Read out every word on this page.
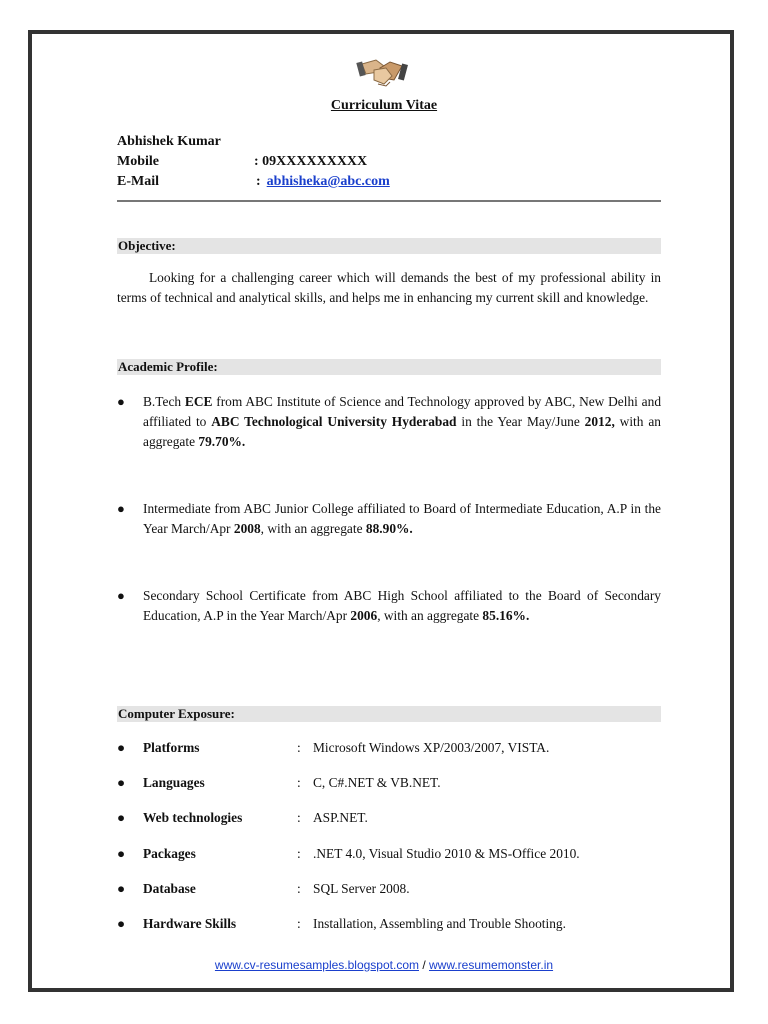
Curriculum Vitae
Abhishek Kumar
Mobile	: 09XXXXXXXXX
E-Mail	: abhisheka@abc.com
Objective:
Looking for a challenging career which will demands the best of my professional ability in terms of technical and analytical skills, and helps me in enhancing my current skill and knowledge.
Academic Profile:
●	B.Tech ECE from ABC Institute of Science and Technology approved by ABC, New Delhi and affiliated to ABC Technological University Hyderabad in the Year May/June 2012, with an aggregate 79.70%.
●	Intermediate from ABC Junior College affiliated to Board of Intermediate Education, A.P in the Year March/Apr 2008, with an aggregate 88.90%.
●	Secondary School Certificate from ABC High School affiliated to the Board of Secondary Education, A.P in the Year March/Apr 2006, with an aggregate 85.16%.
Computer Exposure:
● Platforms	: Microsoft Windows XP/2003/2007, VISTA.
● Languages	: C, C#.NET & VB.NET.
● Web technologies	: ASP.NET.
● Packages	: .NET 4.0, Visual Studio 2010 & MS-Office 2010.
● Database	: SQL Server 2008.
● Hardware Skills	: Installation, Assembling and Trouble Shooting.
www.cv-resumesamples.blogspot.com / www.resumemonster.in
